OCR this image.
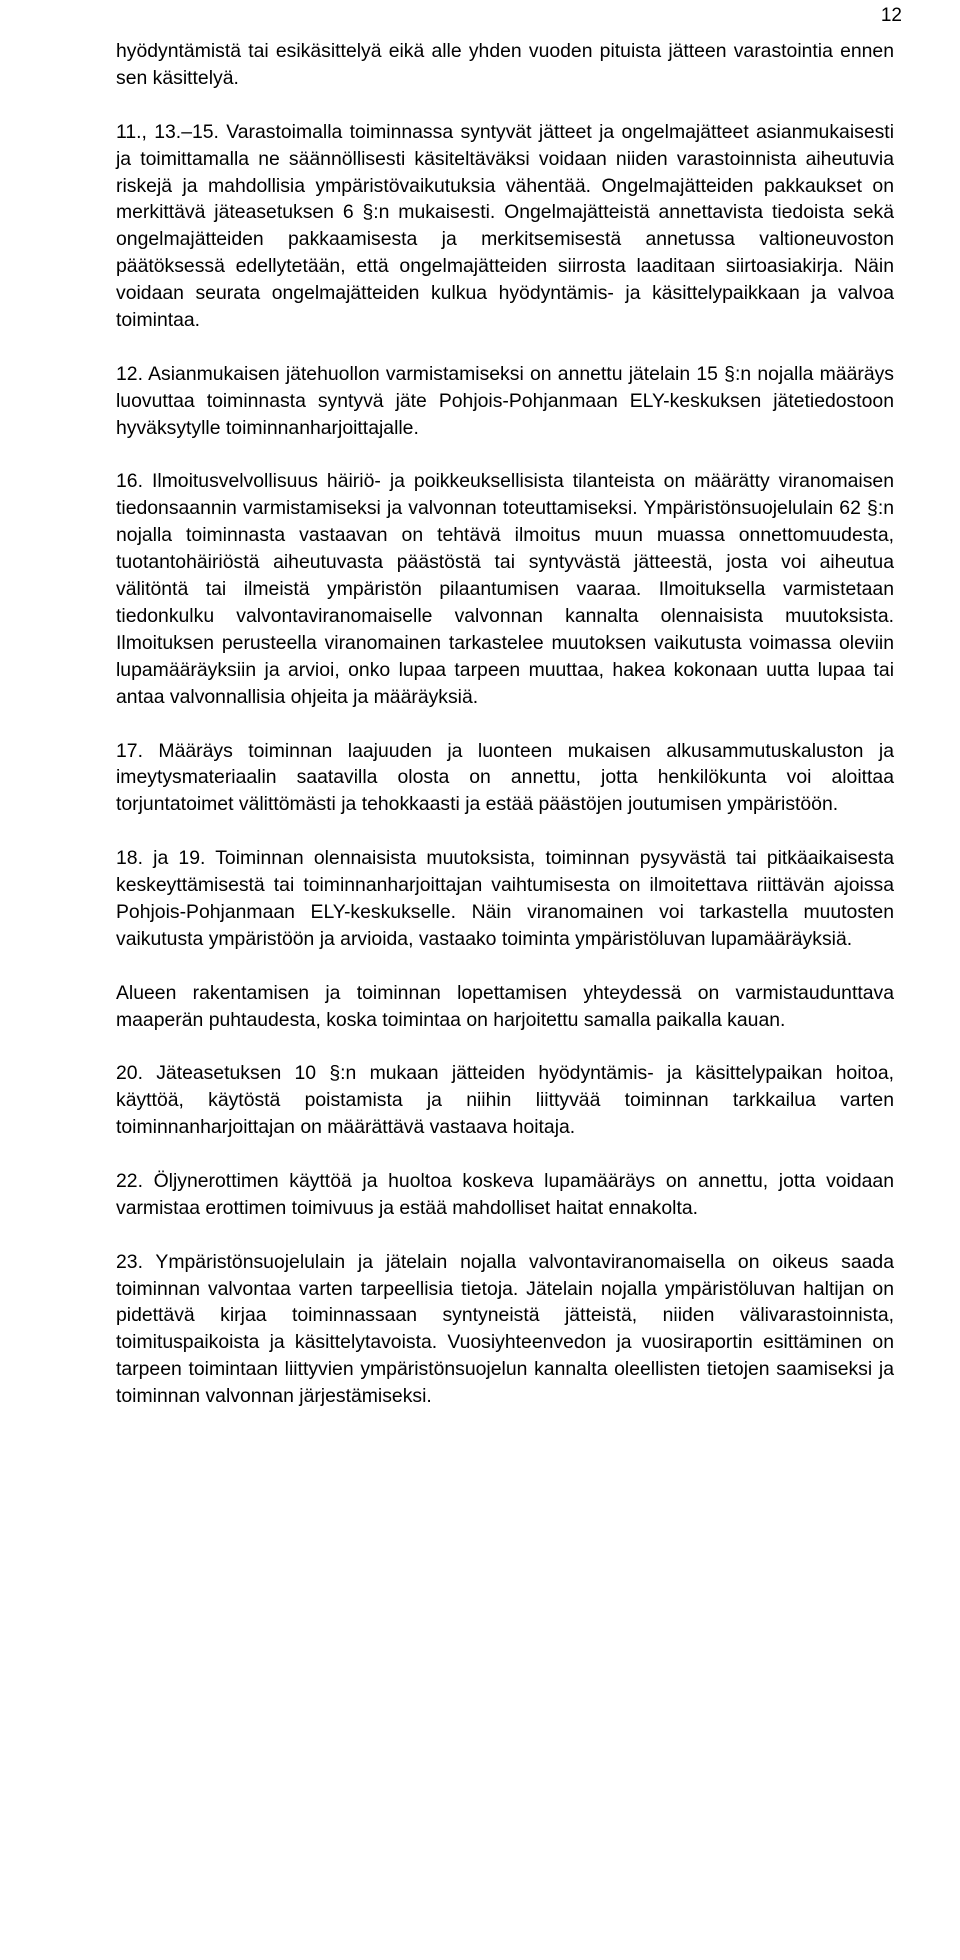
12

hyödyntämistä tai esikäsittelyä eikä alle yhden vuoden pituista jätteen varastointia ennen sen käsittelyä.

11., 13.–15. Varastoimalla toiminnassa syntyvät jätteet ja ongelmajätteet asianmukaisesti ja toimittamalla ne säännöllisesti käsiteltäväksi voidaan niiden varastoinnista aiheutuvia riskejä ja mahdollisia ympäristövaikutuksia vähentää. Ongelmajätteiden pakkaukset on merkittävä jäteasetuksen 6 §:n mukaisesti. Ongelmajätteistä annettavista tiedoista sekä ongelmajätteiden pakkaamisesta ja merkitsemisestä annetussa valtioneuvoston päätöksessä edellytetään, että ongelmajätteiden siirrosta laaditaan siirtoasiakirja. Näin voidaan seurata ongelmajätteiden kulkua hyödyntämis- ja käsittelypaikkaan ja valvoa toimintaa.

12. Asianmukaisen jätehuollon varmistamiseksi on annettu jätelain 15 §:n nojalla määräys luovuttaa toiminnasta syntyvä jäte Pohjois-Pohjanmaan ELY-keskuksen jätetiedostoon hyväksytylle toiminnanharjoittajalle.

16. Ilmoitusvelvollisuus häiriö- ja poikkeuksellisista tilanteista on määrätty viranomaisen tiedonsaannin varmistamiseksi ja valvonnan toteuttamiseksi. Ympäristönsuojelulain 62 §:n nojalla toiminnasta vastaavan on tehtävä ilmoitus muun muassa onnettomuudesta, tuotantohäiriöstä aiheutuvasta päästöstä tai syntyvästä jätteestä, josta voi aiheutua välitöntä tai ilmeistä ympäristön pilaantumisen vaaraa. Ilmoituksella varmistetaan tiedonkulku valvontaviranomaiselle valvonnan kannalta olennaisista muutoksista. Ilmoituksen perusteella viranomainen tarkastelee muutoksen vaikutusta voimassa oleviin lupamääräyksiin ja arvioi, onko lupaa tarpeen muuttaa, hakea kokonaan uutta lupaa tai antaa valvonnallisia ohjeita ja määräyksiä.

17. Määräys toiminnan laajuuden ja luonteen mukaisen alkusammutuskaluston ja imeytysmateriaalin saatavilla olosta on annettu, jotta henkilökunta voi aloittaa torjuntatoimet välittömästi ja tehokkaasti ja estää päästöjen joutumisen ympäristöön.

18. ja 19. Toiminnan olennaisista muutoksista, toiminnan pysyvästä tai pitkäaikaisesta keskeyttämisestä tai toiminnanharjoittajan vaihtumisesta on ilmoitettava riittävän ajoissa Pohjois-Pohjanmaan ELY-keskukselle. Näin viranomainen voi tarkastella muutosten vaikutusta ympäristöön ja arvioida, vastaako toiminta ympäristöluvan lupamääräyksiä.

Alueen rakentamisen ja toiminnan lopettamisen yhteydessä on varmistaudunttava maaperän puhtaudesta, koska toimintaa on harjoitettu samalla paikalla kauan.

20. Jäteasetuksen 10 §:n mukaan jätteiden hyödyntämis- ja käsittelypaikan hoitoa, käyttöä, käytöstä poistamista ja niihin liittyvää toiminnan tarkkailua varten toiminnanharjoittajan on määrättävä vastaava hoitaja.

22. Öljynerottimen käyttöä ja huoltoa koskeva lupamääräys on annettu, jotta voidaan varmistaa erottimen toimivuus ja estää mahdolliset haitat ennakolta.

23. Ympäristönsuojelulain ja jätelain nojalla valvontaviranomaisella on oikeus saada toiminnan valvontaa varten tarpeellisia tietoja. Jätelain nojalla ympäristöluvan haltijan on pidettävä kirjaa toiminnassaan syntyneistä jätteistä, niiden välivarastoinnista, toimituspaikoista ja käsittelytavoista. Vuosiyhteenvedon ja vuosiraportin esittäminen on tarpeen toimintaan liittyvien ympäristönsuojelun kannalta oleellisten tietojen saamiseksi ja toiminnan valvonnan järjestämiseksi.
